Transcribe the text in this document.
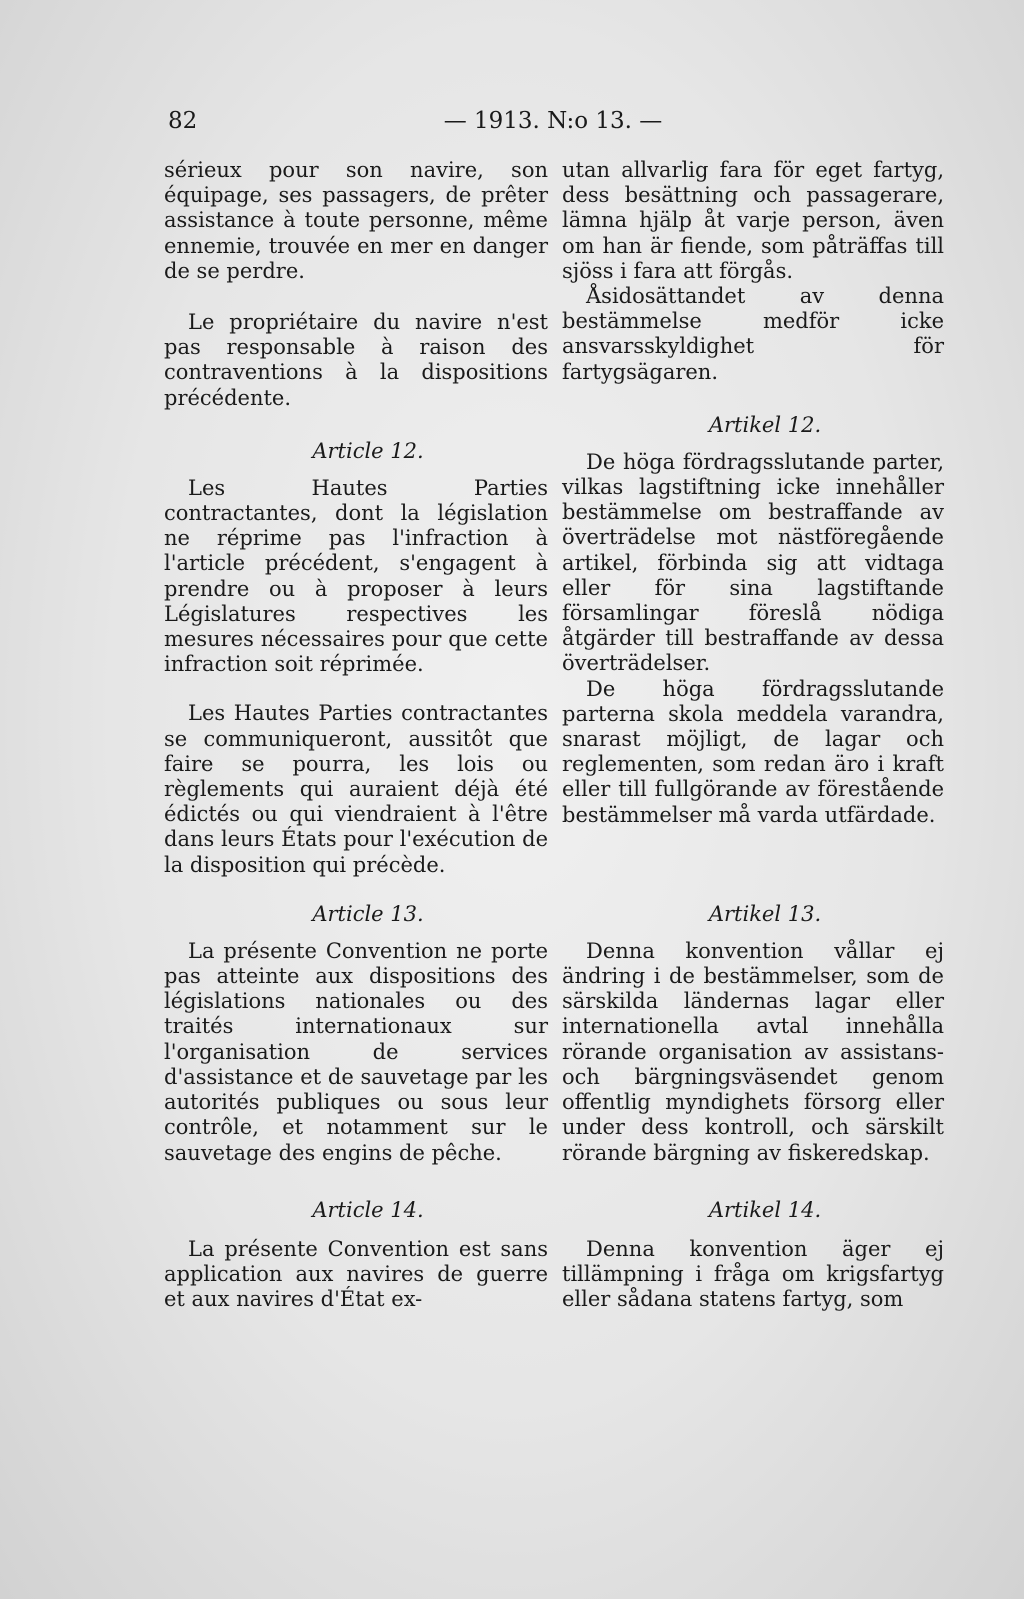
82	— 1913. N:o 13. —

sérieux pour son navire, son équipage, ses passagers, de prêter assistance à toute personne, même ennemie, trouvée en mer en danger de se perdre.

Le propriétaire du navire n'est pas responsable à raison des contraventions à la dispositions précédente.

Article 12.

Les Hautes Parties contractantes, dont la législation ne réprime pas l'infraction à l'article précédent, s'engagent à prendre ou à proposer à leurs Législatures respectives les mesures nécessaires pour que cette infraction soit réprimée.

Les Hautes Parties contractantes se communiqueront, aussitôt que faire se pourra, les lois ou règlements qui auraient déjà été édictés ou qui viendraient à l'être dans leurs États pour l'exécution de la disposition qui précède.

Article 13.

La présente Convention ne porte pas atteinte aux dispositions des législations nationales ou des traités internationaux sur l'organisation de services d'assistance et de sauvetage par les autorités publiques ou sous leur contrôle, et notamment sur le sauvetage des engins de pêche.

Article 14.

La présente Convention est sans application aux navires de guerre et aux navires d'État ex-

utan allvarlig fara för eget fartyg, dess besättning och passagerare, lämna hjälp åt varje person, även om han är fiende, som påträffas till sjöss i fara att förgås.

Åsidosättandet av denna bestämmelse medför icke ansvarsskyldighet för fartygsägaren.

Artikel 12.

De höga fördragsslutande parter, vilkas lagstiftning icke innehåller bestämmelse om bestraffande av överträdelse mot nästföregående artikel, förbinda sig att vidtaga eller för sina lagstiftande församlingar föreslå nödiga åtgärder till bestraffande av dessa överträdelser.

De höga fördragsslutande parterna skola meddela varandra, snarast möjligt, de lagar och reglementen, som redan äro i kraft eller till fullgörande av förestående bestämmelser må varda utfärdade.

Artikel 13.

Denna konvention vållar ej ändring i de bestämmelser, som de särskilda ländernas lagar eller internationella avtal innehålla rörande organisation av assistans- och bärgningsväsendet genom offentlig myndighets försorg eller under dess kontroll, och särskilt rörande bärgning av fiskeredskap.

Artikel 14.

Denna konvention äger ej tillämpning i fråga om krigsfartyg eller sådana statens fartyg, som
